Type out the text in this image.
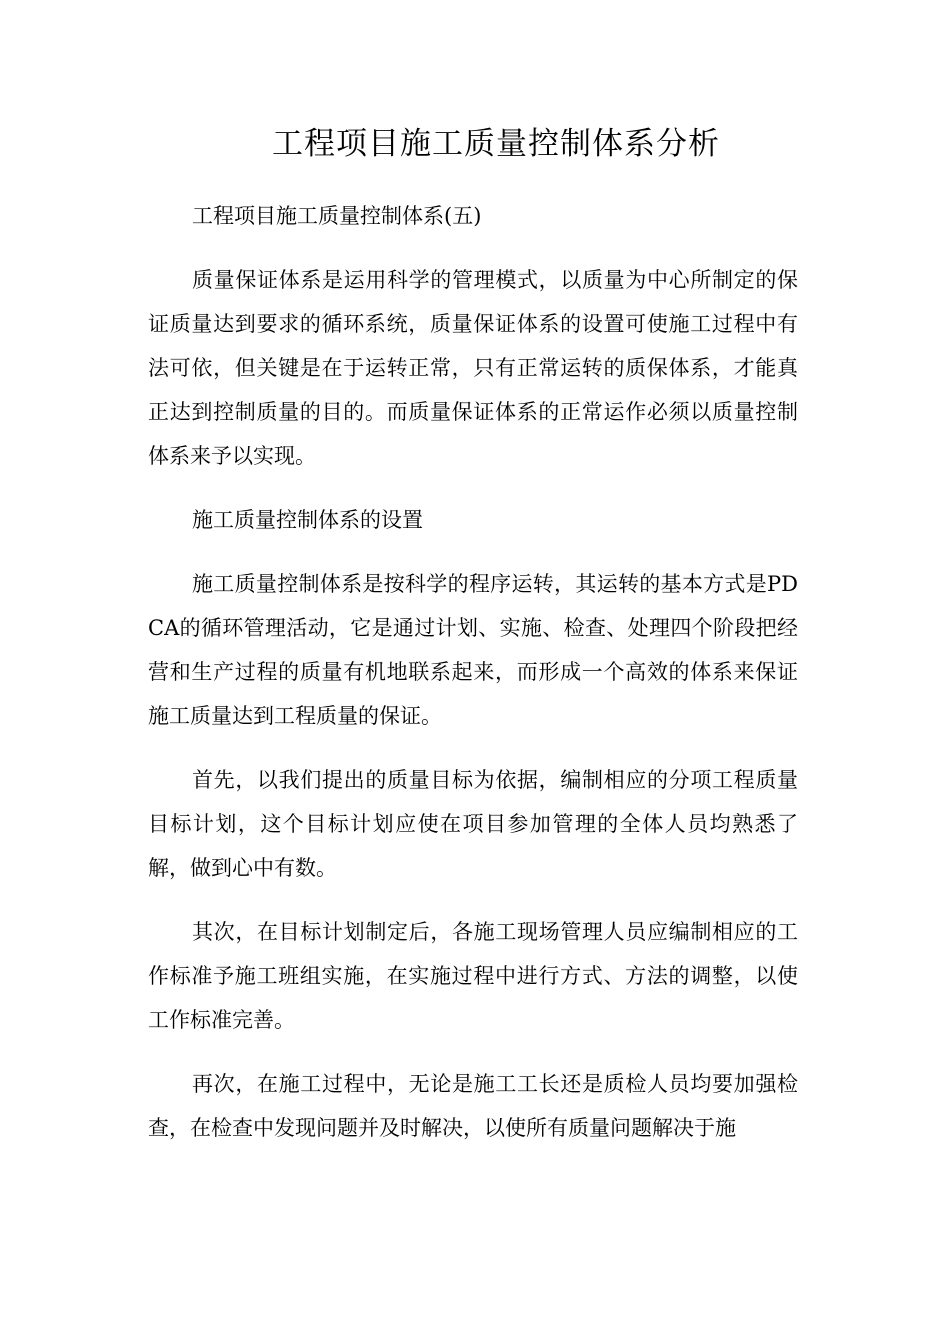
工程项目施工质量控制体系分析

工程项目施工质量控制体系(五)

质量保证体系是运用科学的管理模式，以质量为中心所制定的保证质量达到要求的循环系统，质量保证体系的设置可使施工过程中有法可依，但关键是在于运转正常，只有正常运转的质保体系，才能真正达到控制质量的目的。而质量保证体系的正常运作必须以质量控制体系来予以实现。

施工质量控制体系的设置

施工质量控制体系是按科学的程序运转，其运转的基本方式是PDCA的循环管理活动，它是通过计划、实施、检查、处理四个阶段把经营和生产过程的质量有机地联系起来，而形成一个高效的体系来保证施工质量达到工程质量的保证。

首先，以我们提出的质量目标为依据，编制相应的分项工程质量目标计划，这个目标计划应使在项目参加管理的全体人员均熟悉了解，做到心中有数。

其次，在目标计划制定后，各施工现场管理人员应编制相应的工作标准予施工班组实施，在实施过程中进行方式、方法的调整，以使工作标准完善。

再次，在施工过程中，无论是施工工长还是质检人员均要加强检查，在检查中发现问题并及时解决，以使所有质量问题解决于施
